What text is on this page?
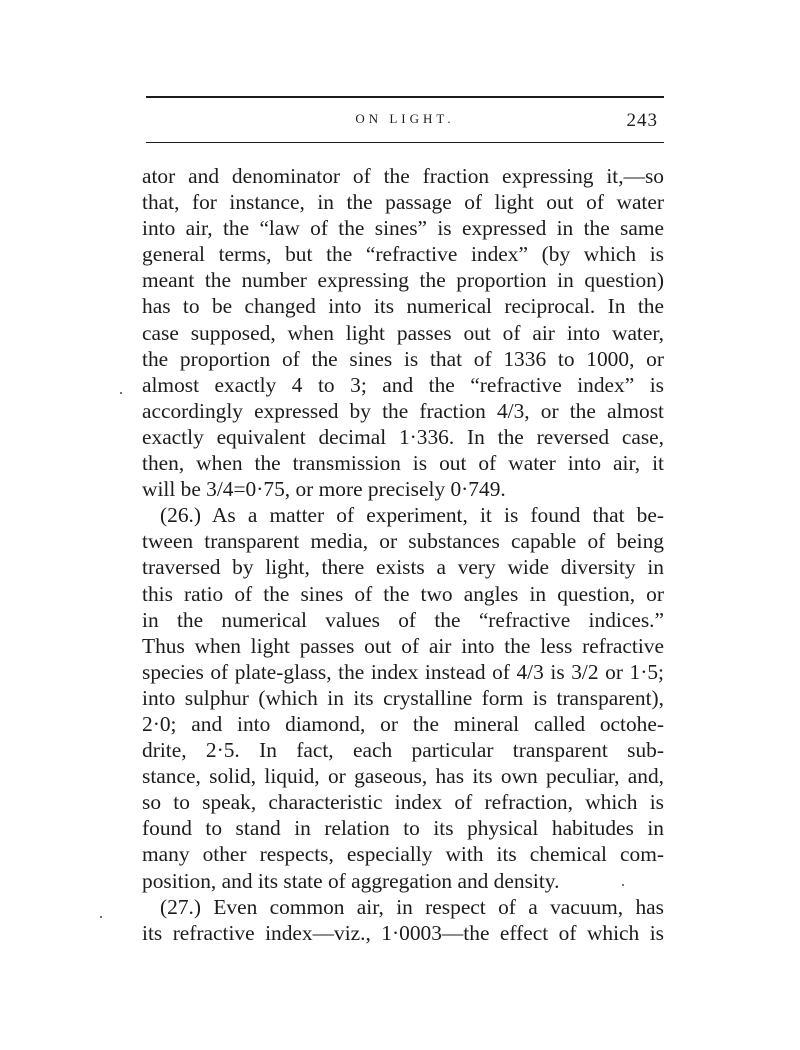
ON LIGHT.	243
ator and denominator of the fraction expressing it,—so
that, for instance, in the passage of light out of water
into air, the “law of the sines” is expressed in the same
general terms, but the “refractive index” (by which is
meant the number expressing the proportion in question)
has to be changed into its numerical reciprocal. In the
case supposed, when light passes out of air into water,
the proportion of the sines is that of 1336 to 1000, or
almost exactly 4 to 3; and the “refractive index” is
accordingly expressed by the fraction 4/3, or the almost
exactly equivalent decimal 1·336. In the reversed case,
then, when the transmission is out of water into air, it
will be 3/4=0·75, or more precisely 0·749.
(26.) As a matter of experiment, it is found that be-
tween transparent media, or substances capable of being
traversed by light, there exists a very wide diversity in
this ratio of the sines of the two angles in question, or
in the numerical values of the “refractive indices.”
Thus when light passes out of air into the less refractive
species of plate-glass, the index instead of 4/3 is 3/2 or 1·5;
into sulphur (which in its crystalline form is transparent),
2·0; and into diamond, or the mineral called octohe-
drite, 2·5. In fact, each particular transparent sub-
stance, solid, liquid, or gaseous, has its own peculiar, and,
so to speak, characteristic index of refraction, which is
found to stand in relation to its physical habitudes in
many other respects, especially with its chemical com-
position, and its state of aggregation and density.
(27.) Even common air, in respect of a vacuum, has
its refractive index—viz., 1·0003—the effect of which is
